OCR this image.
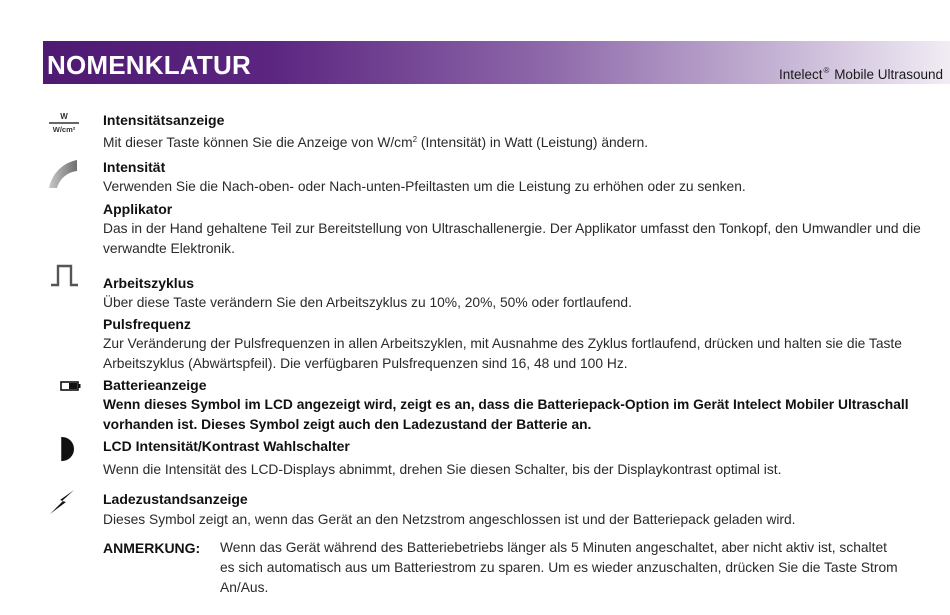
NOMENKLATUR	Intelect® Mobile Ultrasound
W
W/cm²
Intensitätsanzeige
Mit dieser Taste können Sie die Anzeige von $W/cm^2$ (Intensität) in Watt (Leistung) ändern.
Intensität
Verwenden Sie die Nach-oben- oder Nach-unten-Pfeiltasten um die Leistung zu erhöhen oder zu senken.
Applikator
Das in der Hand gehaltene Teil zur Bereitstellung von Ultraschallenergie. Der Applikator umfasst den Tonkopf, den Umwandler und die verwandte Elektronik.
Arbeitszyklus
Über diese Taste verändern Sie den Arbeitszyklus zu 10%, 20%, 50% oder fortlaufend.
Pulsfrequenz
Zur Veränderung der Pulsfrequenzen in allen Arbeitszyklen, mit Ausnahme des Zyklus fortlaufend, drücken und halten sie die Taste Arbeitszyklus (Abwärtspfeil). Die verfügbaren Pulsfrequenzen sind 16, 48 und 100 Hz.
Batterieanzeige
Wenn dieses Symbol im LCD angezeigt wird, zeigt es an, dass die Batteriepack-Option im Gerät Intelect Mobiler Ultraschall vorhanden ist. Dieses Symbol zeigt auch den Ladezustand der Batterie an.
LCD Intensität/Kontrast Wahlschalter
Wenn die Intensität des LCD-Displays abnimmt, drehen Sie diesen Schalter, bis der Displaykontrast optimal ist.
Ladezustandsanzeige
Dieses Symbol zeigt an, wenn das Gerät an den Netzstrom angeschlossen ist und der Batteriepack geladen wird.
ANMERKUNG: Wenn das Gerät während des Batteriebetriebs länger als 5 Minuten angeschaltet, aber nicht aktiv ist, schaltet es sich automatisch aus um Batteriestrom zu sparen. Um es wieder anzuschalten, drücken Sie die Taste Strom An/Aus.
